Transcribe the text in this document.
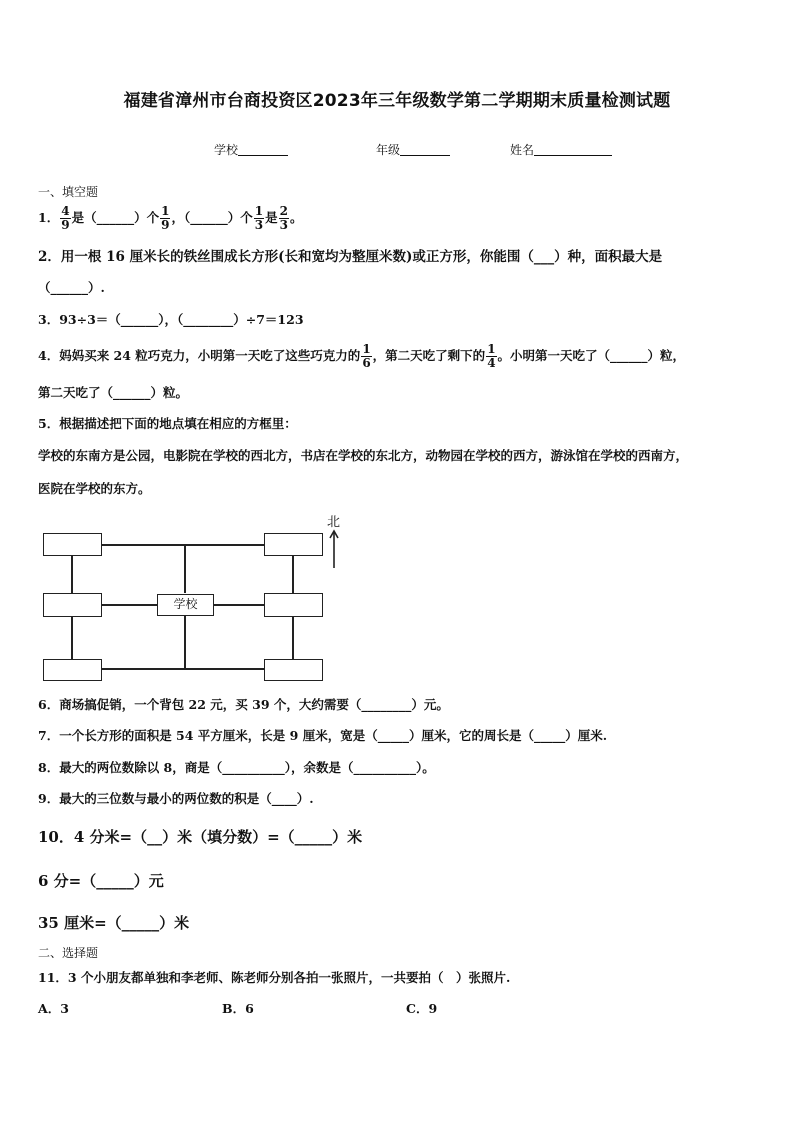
福建省漳州市台商投资区2023年三年级数学第二学期期末质量检测试题
学校	年级	姓名
一、填空题
1． $\frac{4}{9}$ 是（______）个 $\frac{1}{9}$ ，（______）个 $\frac{1}{3}$ 是 $\frac{2}{3}$ 。
2．用一根 16 厘米长的铁丝围成长方形(长和宽均为整厘米数)或正方形，你能围（___）种，面积最大是
（______）.
3．93÷3＝（______），（________）÷7＝123
4．妈妈买来 24 粒巧克力，小明第一天吃了这些巧克力的 $\frac{1}{6}$ ，第二天吃了剩下的 $\frac{1}{4}$ 。小明第一天吃了（______）粒，
第二天吃了（______）粒。
5．根据描述把下面的地点填在相应的方框里：
学校的东南方是公园，电影院在学校的西北方，书店在学校的东北方，动物园在学校的西方，游泳馆在学校的西南方，
医院在学校的东方。
学校
北
6．商场搞促销，一个背包 22 元，买 39 个，大约需要（________）元。
7．一个长方形的面积是 54 平方厘米，长是 9 厘米，宽是（_____）厘米，它的周长是（_____）厘米.
8．最大的两位数除以 8，商是（__________），余数是（__________）。
9．最大的三位数与最小的两位数的积是（____）.
10．4 分米=（__）米（填分数）=（_____）米
6 分=（_____）元
35 厘米=（_____）米
二、选择题
11．3 个小朋友都单独和李老师、陈老师分别各拍一张照片，一共要拍（　）张照片.
A．3	B．6	C．9
